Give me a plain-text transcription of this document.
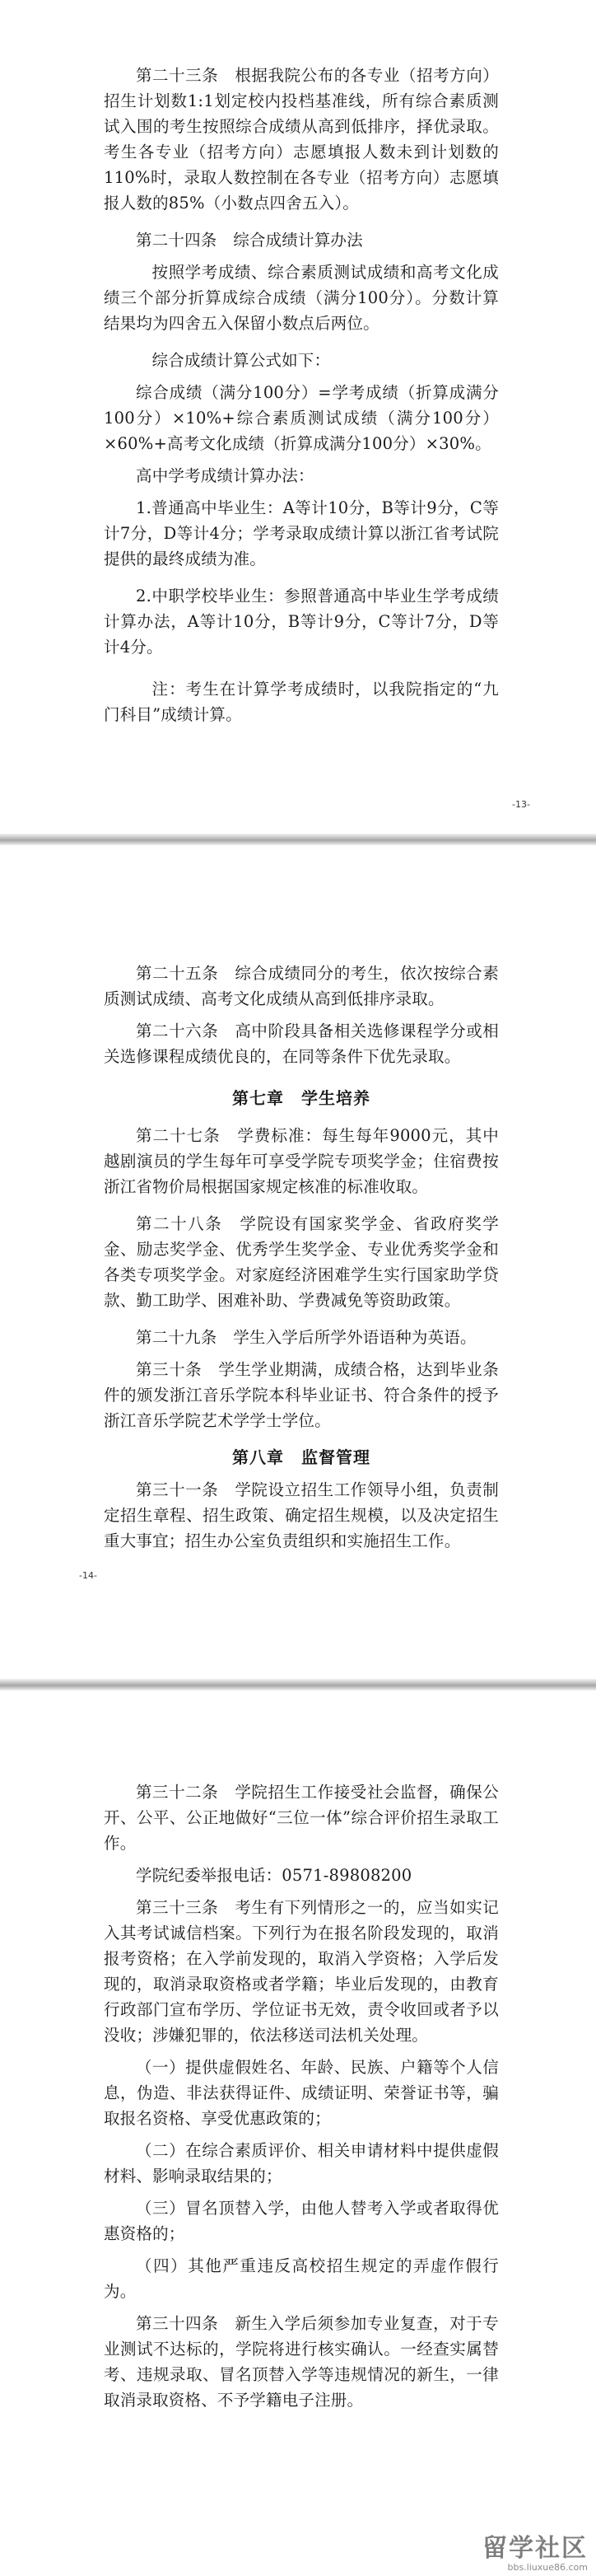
第二十三条　根据我院公布的各专业（招考方向）招生计划数1:1划定校内投档基准线，所有综合素质测试入围的考生按照综合成绩从高到低排序，择优录取。考生各专业（招考方向）志愿填报人数未到计划数的110%时，录取人数控制在各专业（招考方向）志愿填报人数的85%（小数点四舍五入）。

第二十四条　综合成绩计算办法

按照学考成绩、综合素质测试成绩和高考文化成绩三个部分折算成综合成绩（满分100分）。分数计算结果均为四舍五入保留小数点后两位。

综合成绩计算公式如下：

综合成绩（满分100分）=学考成绩（折算成满分100分）×10%+综合素质测试成绩（满分100分）×60%+高考文化成绩（折算成满分100分）×30%。

高中学考成绩计算办法：

1.普通高中毕业生：A等计10分，B等计9分，C等计7分，D等计4分；学考录取成绩计算以浙江省考试院提供的最终成绩为准。

2.中职学校毕业生：参照普通高中毕业生学考成绩计算办法，A等计10分，B等计9分，C等计7分，D等计4分。

注：考生在计算学考成绩时，以我院指定的“九门科目”成绩计算。

-13-

第二十五条　综合成绩同分的考生，依次按综合素质测试成绩、高考文化成绩从高到低排序录取。

第二十六条　高中阶段具备相关选修课程学分或相关选修课程成绩优良的，在同等条件下优先录取。

第七章　学生培养

第二十七条　学费标准：每生每年9000元，其中越剧演员的学生每年可享受学院专项奖学金；住宿费按浙江省物价局根据国家规定核准的标准收取。

第二十八条　学院设有国家奖学金、省政府奖学金、励志奖学金、优秀学生奖学金、专业优秀奖学金和各类专项奖学金。对家庭经济困难学生实行国家助学贷款、勤工助学、困难补助、学费减免等资助政策。

第二十九条　学生入学后所学外语语种为英语。

第三十条　学生学业期满，成绩合格，达到毕业条件的颁发浙江音乐学院本科毕业证书、符合条件的授予浙江音乐学院艺术学学士学位。

第八章　监督管理

第三十一条　学院设立招生工作领导小组，负责制定招生章程、招生政策、确定招生规模，以及决定招生重大事宜；招生办公室负责组织和实施招生工作。

-14-

第三十二条　学院招生工作接受社会监督，确保公开、公平、公正地做好“三位一体”综合评价招生录取工作。

学院纪委举报电话：0571-89808200

第三十三条　考生有下列情形之一的，应当如实记入其考试诚信档案。下列行为在报名阶段发现的，取消报考资格；在入学前发现的，取消入学资格；入学后发现的，取消录取资格或者学籍；毕业后发现的，由教育行政部门宣布学历、学位证书无效，责令收回或者予以没收；涉嫌犯罪的，依法移送司法机关处理。

（一）提供虚假姓名、年龄、民族、户籍等个人信息，伪造、非法获得证件、成绩证明、荣誉证书等，骗取报名资格、享受优惠政策的；

（二）在综合素质评价、相关申请材料中提供虚假材料、影响录取结果的；

（三）冒名顶替入学，由他人替考入学或者取得优惠资格的；

（四）其他严重违反高校招生规定的弄虚作假行为。

第三十四条　新生入学后须参加专业复查，对于专业测试不达标的，学院将进行核实确认。一经查实属替考、违规录取、冒名顶替入学等违规情况的新生，一律取消录取资格、不予学籍电子注册。

留学社区
bbs.liuxue86.com
